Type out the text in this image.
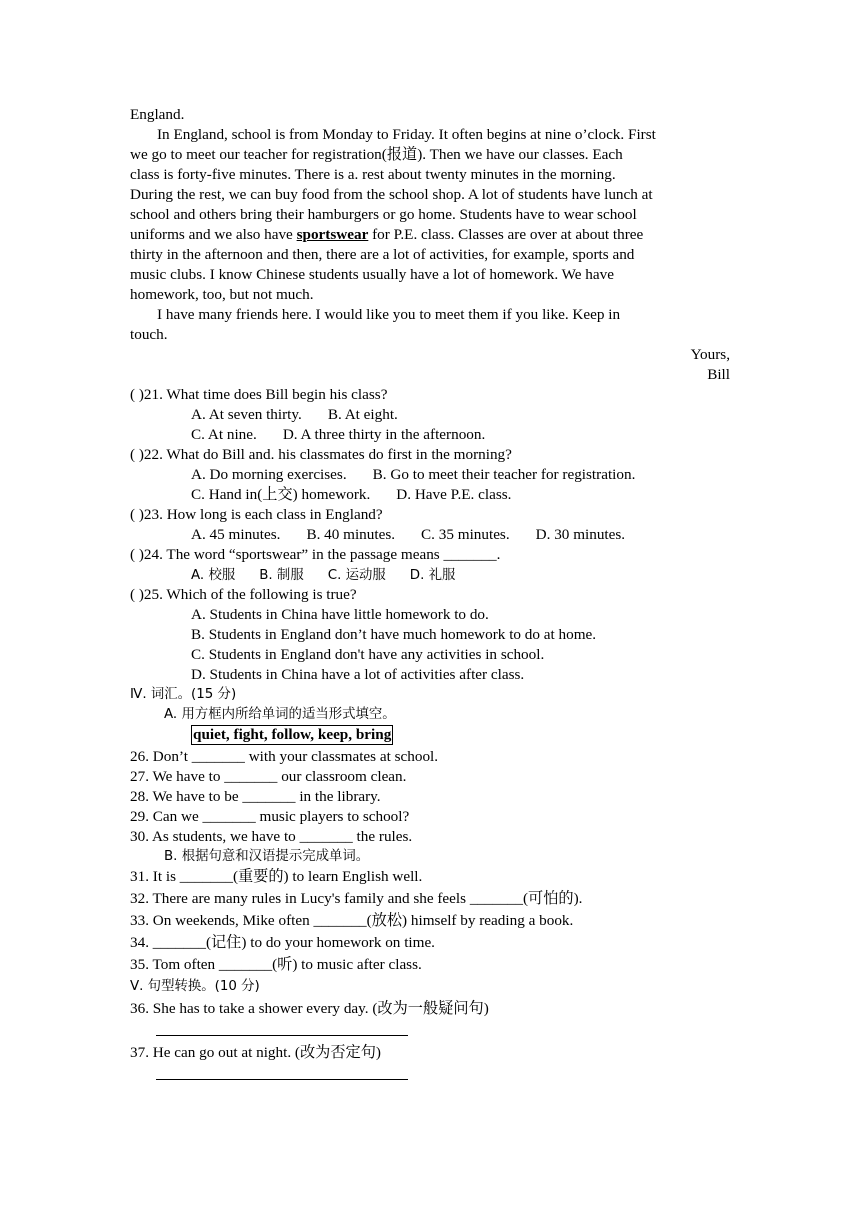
England.
In England, school is from Monday to Friday. It often begins at nine o’clock. First
we go to meet our teacher for registration(报道). Then we have our classes. Each
class is forty-five minutes. There is a. rest about twenty minutes in the morning.
During the rest, we can buy food from the school shop. A lot of students have lunch at
school and others bring their hamburgers or go home. Students have to wear school
uniforms and we also have sportswear for P.E. class. Classes are over at about three
thirty in the afternoon and then, there are a lot of activities, for example, sports and
music clubs. I know Chinese students usually have a lot of homework. We have
homework, too, but not much.
I have many friends here. I would like you to meet them if you like. Keep in
touch.
Yours,
Bill
( )21. What time does Bill begin his class?
A. At seven thirty. B. At eight.
C. At nine. D. A three thirty in the afternoon.
( )22. What do Bill and. his classmates do first in the morning?
A. Do morning exercises. B. Go to meet their teacher for registration.
C. Hand in(上交) homework. D. Have P.E. class.
( )23. How long is each class in England?
A. 45 minutes. B. 40 minutes. C. 35 minutes. D. 30 minutes.
( )24. The word “sportswear” in the passage means _______.
A. 校服 B. 制服 C. 运动服 D. 礼服
( )25. Which of the following is true?
A. Students in China have little homework to do.
B. Students in England don’t have much homework to do at home.
C. Students in England don't have any activities in school.
D. Students in China have a lot of activities after class.
Ⅳ. 词汇。(15 分)
A. 用方框内所给单词的适当形式填空。
quiet, fight, follow, keep, bring
26. Don’t _______ with your classmates at school.
27. We have to _______ our classroom clean.
28. We have to be _______ in the library.
29. Can we _______ music players to school?
30. As students, we have to _______ the rules.
B. 根据句意和汉语提示完成单词。
31. It is _______(重要的) to learn English well.
32. There are many rules in Lucy's family and she feels _______(可怕的).
33. On weekends, Mike often _______(放松) himself by reading a book.
34. _______(记住) to do your homework on time.
35. Tom often _______(听) to music after class.
Ⅴ. 句型转换。(10 分)
36. She has to take a shower every day. (改为一般疑问句)
37. He can go out at night. (改为否定句)
